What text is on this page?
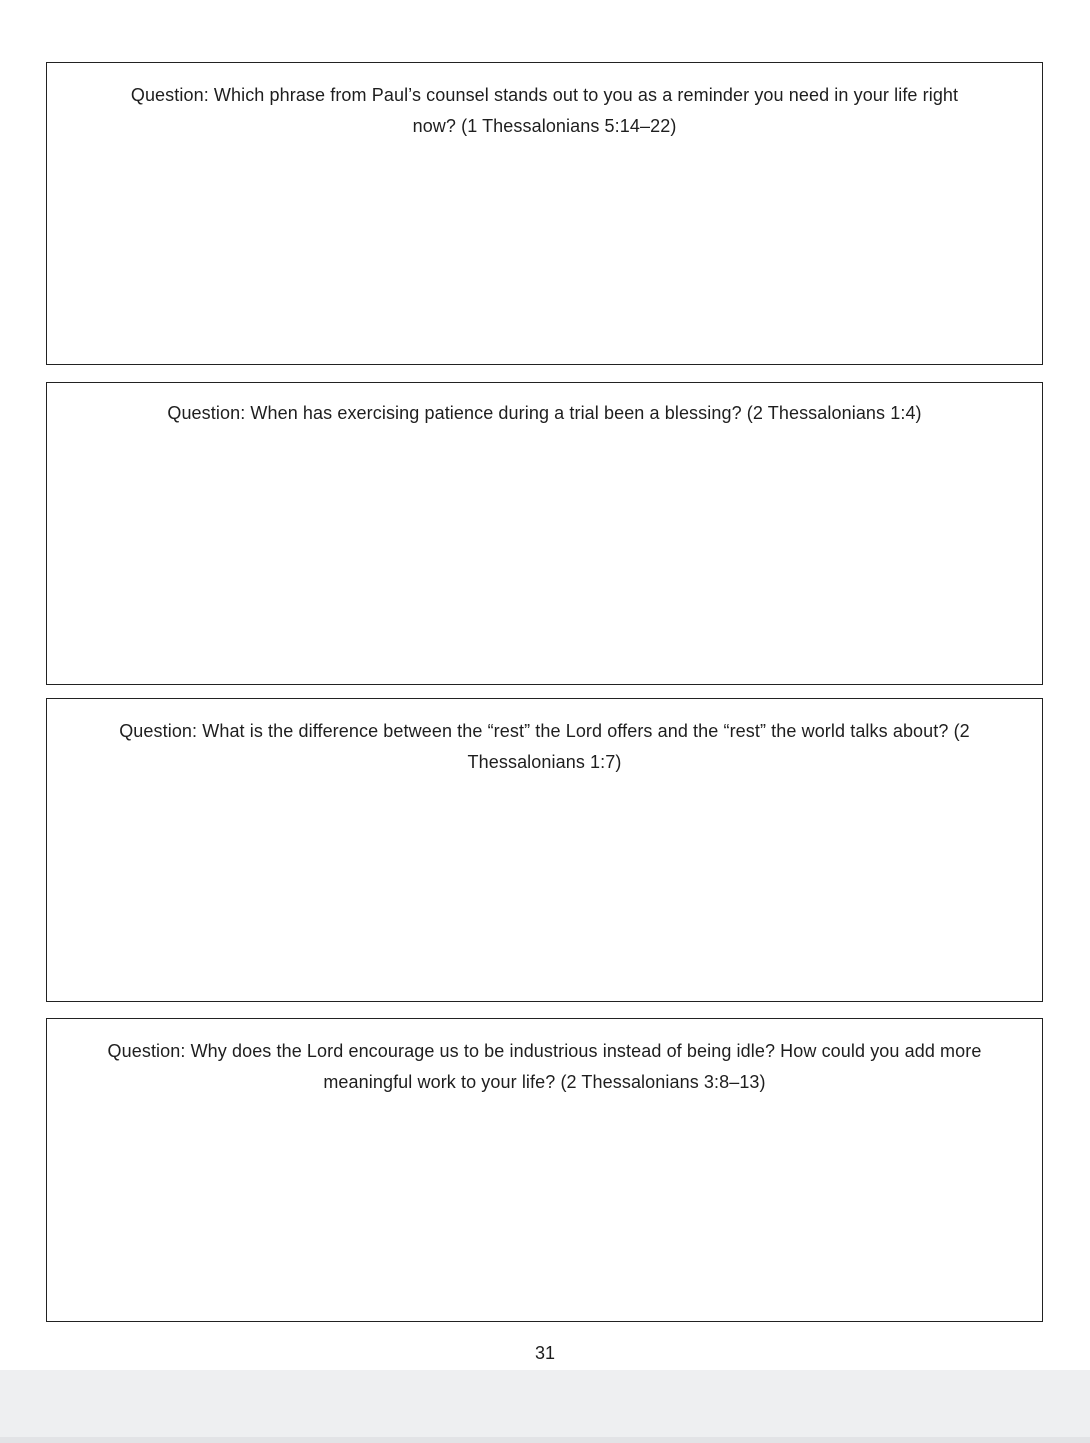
Question: Which phrase from Paul’s counsel stands out to you as a reminder you need in your life right now? (1 Thessalonians 5:14–22)

Question: When has exercising patience during a trial been a blessing? (2 Thessalonians 1:4)

Question: What is the difference between the “rest” the Lord offers and the “rest” the world talks about? (2 Thessalonians 1:7)

Question: Why does the Lord encourage us to be industrious instead of being idle? How could you add more meaningful work to your life? (2 Thessalonians 3:8–13)

31
